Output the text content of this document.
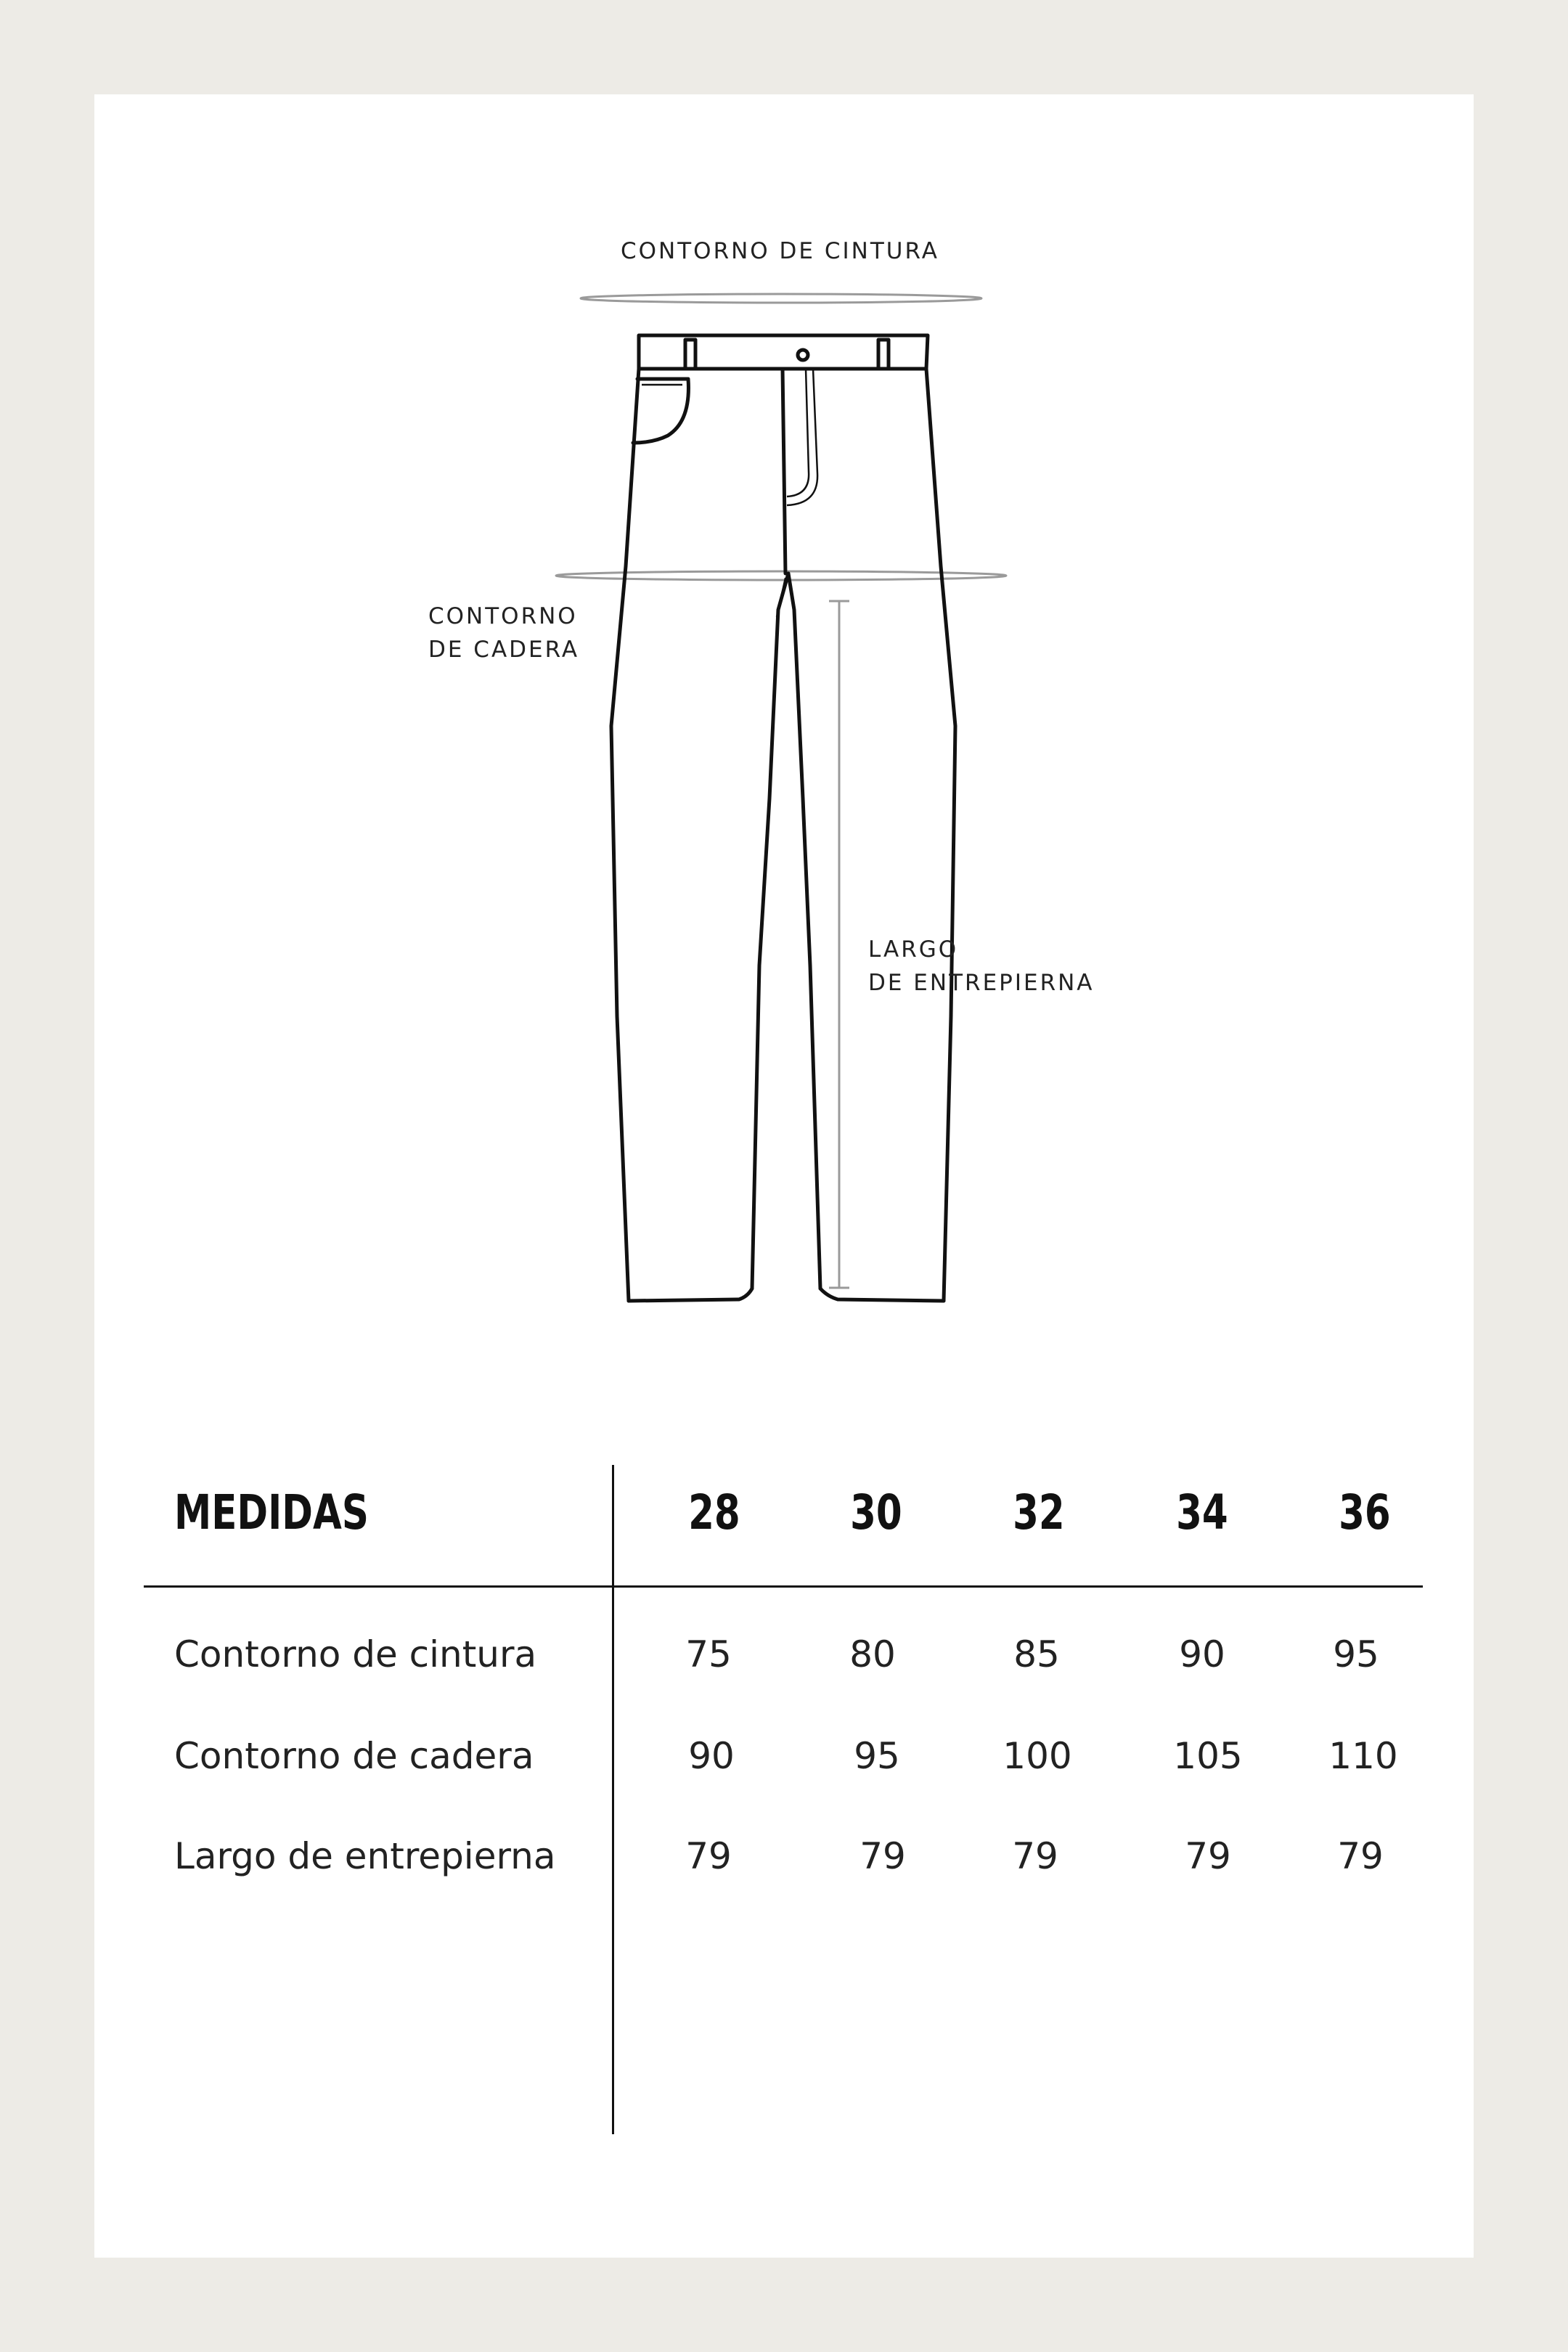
CONTORNO DE CINTURA
CONTORNO
DE CADERA
LARGO
DE ENTREPIERNA
MEDIDAS	28	30	32	34	36
Contorno de cintura	75	80	85	90	95
Contorno de cadera	90	95	100	105	110
Largo de entrepierna	79	79	79	79	79
